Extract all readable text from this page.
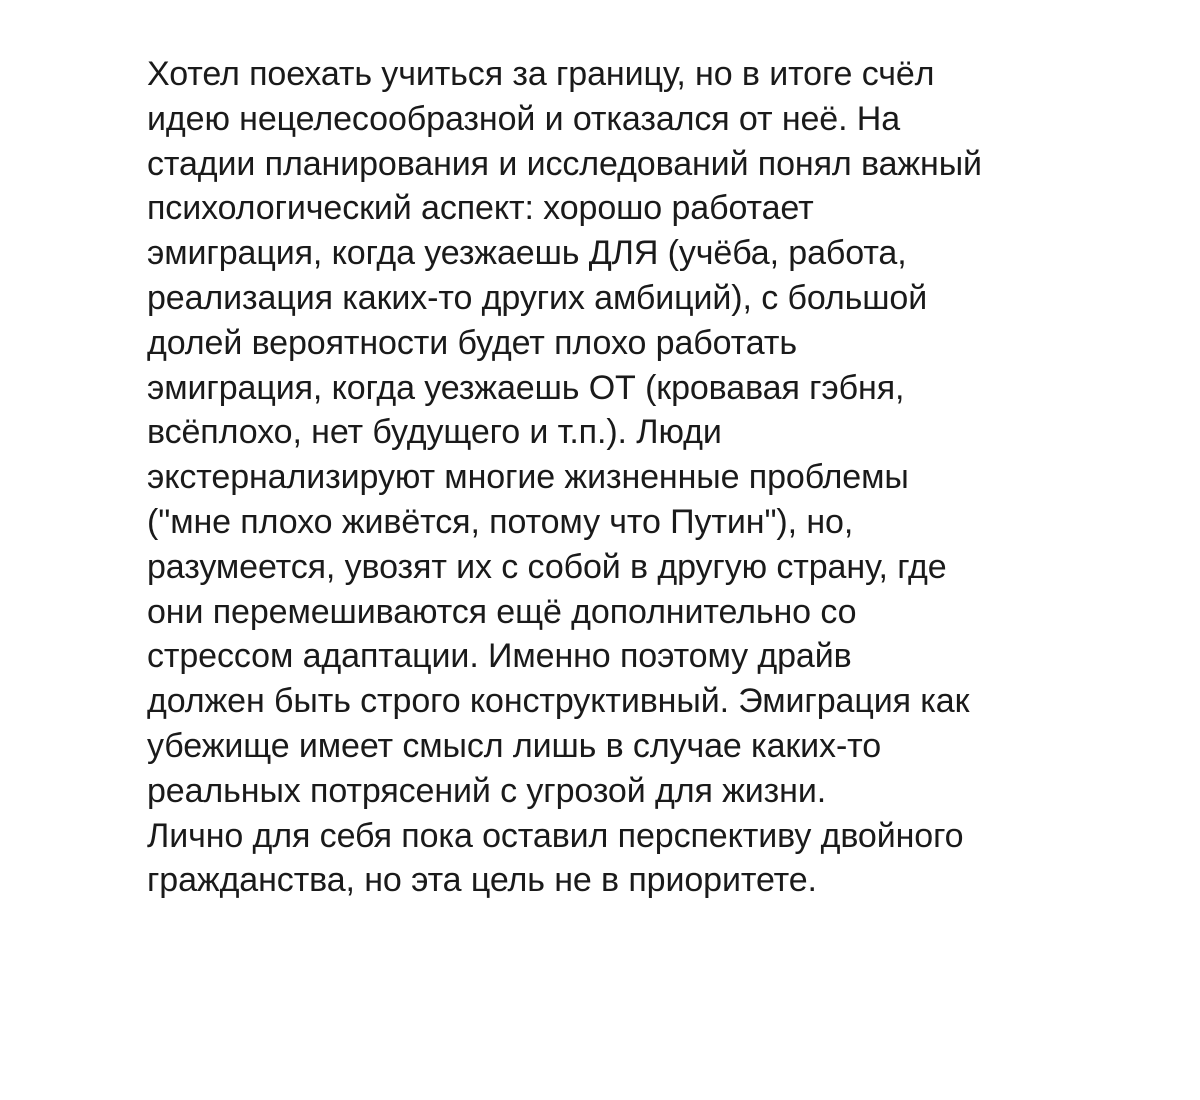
Хотел поехать учиться за границу, но в итоге счёл
идею нецелесообразной и отказался от неё. На
стадии планирования и исследований понял важный
психологический аспект: хорошо работает
эмиграция, когда уезжаешь ДЛЯ (учёба, работа,
реализация каких-то других амбиций), с большой
долей вероятности будет плохо работать
эмиграция, когда уезжаешь ОТ (кровавая гэбня,
всёплохо, нет будущего и т.п.). Люди
экстернализируют многие жизненные проблемы
("мне плохо живётся, потому что Путин"), но,
разумеется, увозят их с собой в другую страну, где
они перемешиваются ещё дополнительно со
стрессом адаптации. Именно поэтому драйв
должен быть строго конструктивный. Эмиграция как
убежище имеет смысл лишь в случае каких-то
реальных потрясений с угрозой для жизни.
Лично для себя пока оставил перспективу двойного
гражданства, но эта цель не в приоритете.
